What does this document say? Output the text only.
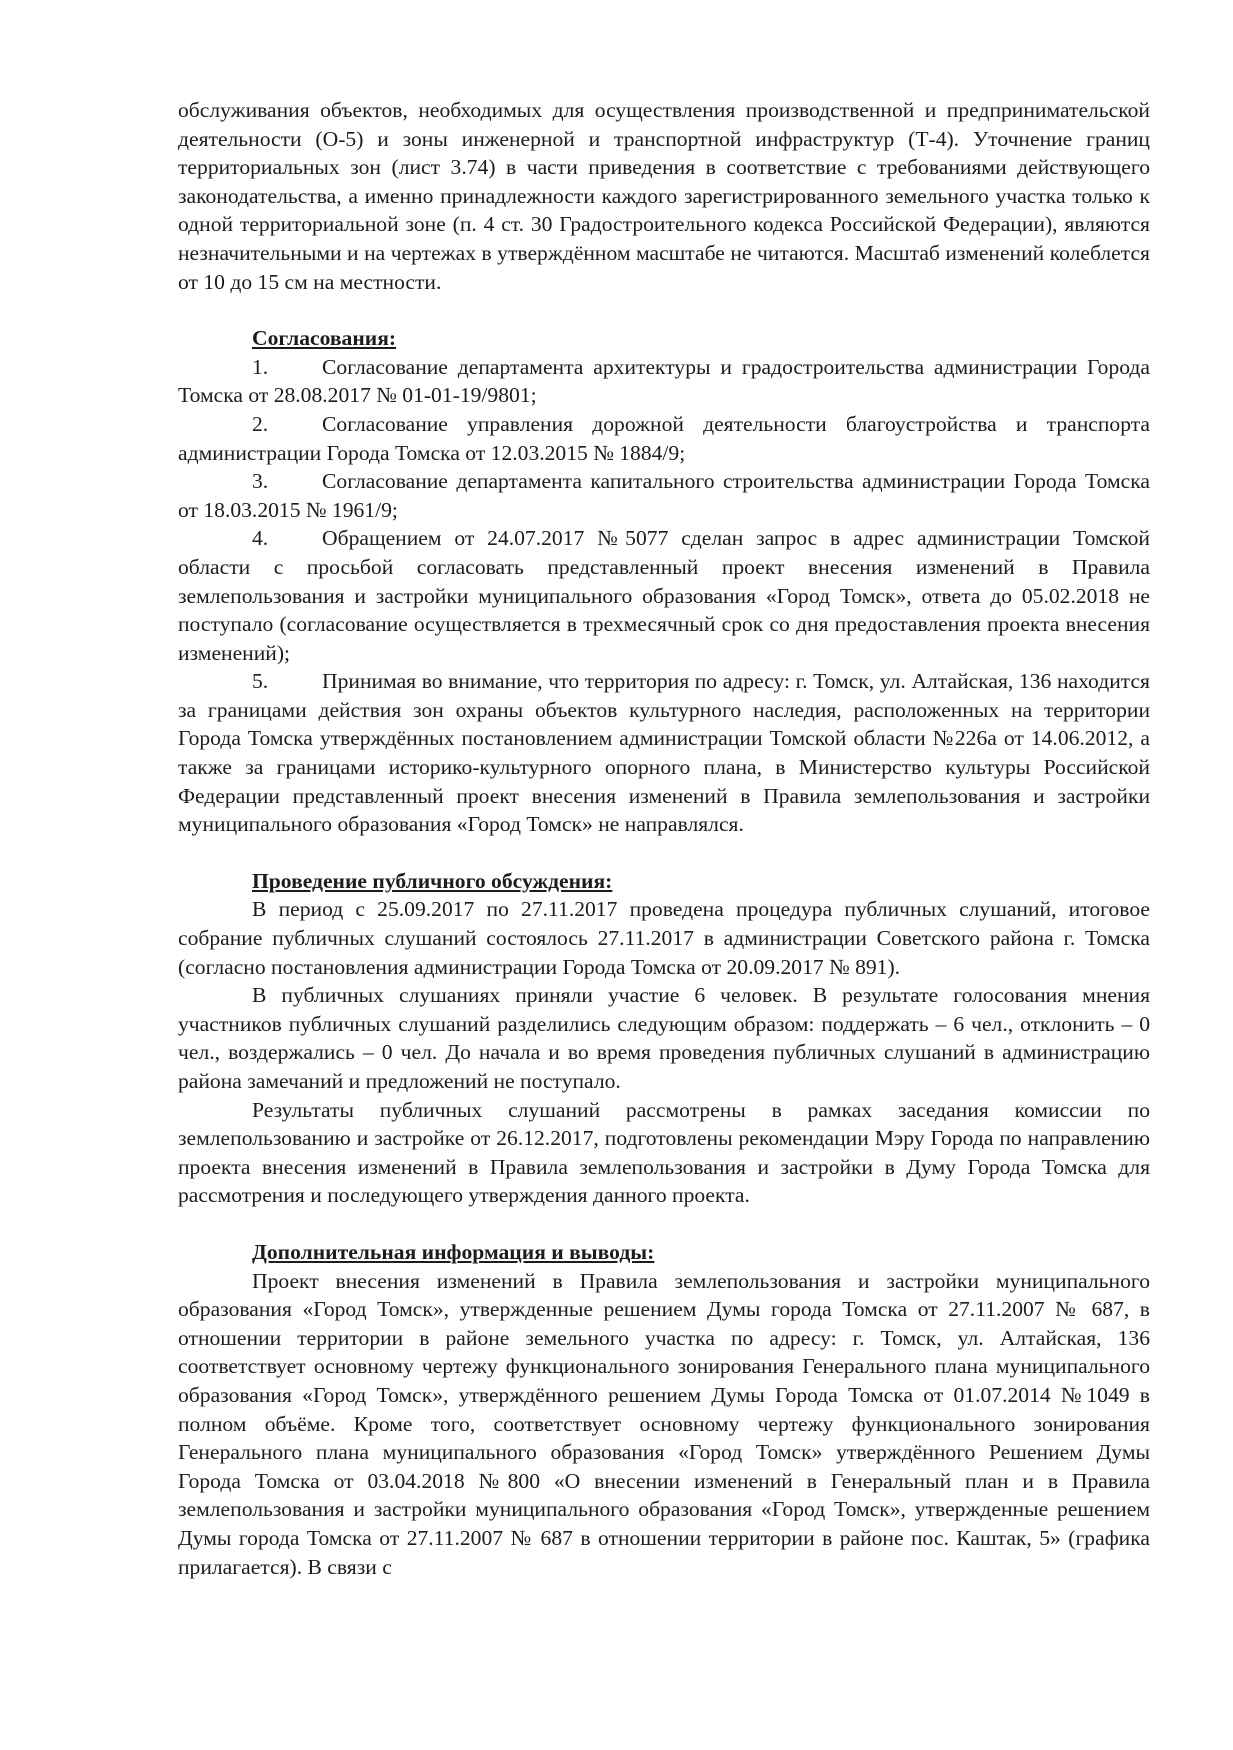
обслуживания объектов, необходимых для осуществления производственной и предпринимательской деятельности (О-5) и зоны инженерной и транспортной инфраструктур (Т-4). Уточнение границ территориальных зон (лист 3.74) в части приведения в соответствие с требованиями действующего законодательства, а именно принадлежности каждого зарегистрированного земельного участка только к одной территориальной зоне (п. 4 ст. 30 Градостроительного кодекса Российской Федерации), являются незначительными и на чертежах в утверждённом масштабе не читаются. Масштаб изменений колеблется от 10 до 15 см на местности.

Согласования:

1. Согласование департамента архитектуры и градостроительства администрации Города Томска от 28.08.2017 № 01-01-19/9801;

2. Согласование управления дорожной деятельности благоустройства и транспорта администрации Города Томска от 12.03.2015 № 1884/9;

3. Согласование департамента капитального строительства администрации Города Томска от 18.03.2015 № 1961/9;

4. Обращением от 24.07.2017 №5077 сделан запрос в адрес администрации Томской области с просьбой согласовать представленный проект внесения изменений в Правила землепользования и застройки муниципального образования «Город Томск», ответа до 05.02.2018 не поступало (согласование осуществляется в трехмесячный срок со дня предоставления проекта внесения изменений);

5. Принимая во внимание, что территория по адресу: г. Томск, ул. Алтайская, 136 находится за границами действия зон охраны объектов культурного наследия, расположенных на территории Города Томска утверждённых постановлением администрации Томской области №226а от 14.06.2012, а также за границами историко-культурного опорного плана, в Министерство культуры Российской Федерации представленный проект внесения изменений в Правила землепользования и застройки муниципального образования «Город Томск» не направлялся.

Проведение публичного обсуждения:

В период с 25.09.2017 по 27.11.2017 проведена процедура публичных слушаний, итоговое собрание публичных слушаний состоялось 27.11.2017 в администрации Советского района г. Томска (согласно постановления администрации Города Томска от 20.09.2017 № 891).

В публичных слушаниях приняли участие 6 человек. В результате голосования мнения участников публичных слушаний разделились следующим образом: поддержать – 6 чел., отклонить – 0 чел., воздержались – 0 чел. До начала и во время проведения публичных слушаний в администрацию района замечаний и предложений не поступало.

Результаты публичных слушаний рассмотрены в рамках заседания комиссии по землепользованию и застройке от 26.12.2017, подготовлены рекомендации Мэру Города по направлению проекта внесения изменений в Правила землепользования и застройки в Думу Города Томска для рассмотрения и последующего утверждения данного проекта.

Дополнительная информация и выводы:

Проект внесения изменений в Правила землепользования и застройки муниципального образования «Город Томск», утвержденные решением Думы города Томска от 27.11.2007 № 687, в отношении территории в районе земельного участка по адресу: г. Томск, ул. Алтайская, 136 соответствует основному чертежу функционального зонирования Генерального плана муниципального образования «Город Томск», утверждённого решением Думы Города Томска от 01.07.2014 №1049 в полном объёме. Кроме того, соответствует основному чертежу функционального зонирования Генерального плана муниципального образования «Город Томск» утверждённого Решением Думы Города Томска от 03.04.2018 №800 «О внесении изменений в Генеральный план и в Правила землепользования и застройки муниципального образования «Город Томск», утвержденные решением Думы города Томска от 27.11.2007 № 687 в отношении территории в районе пос. Каштак, 5» (графика прилагается). В связи с
